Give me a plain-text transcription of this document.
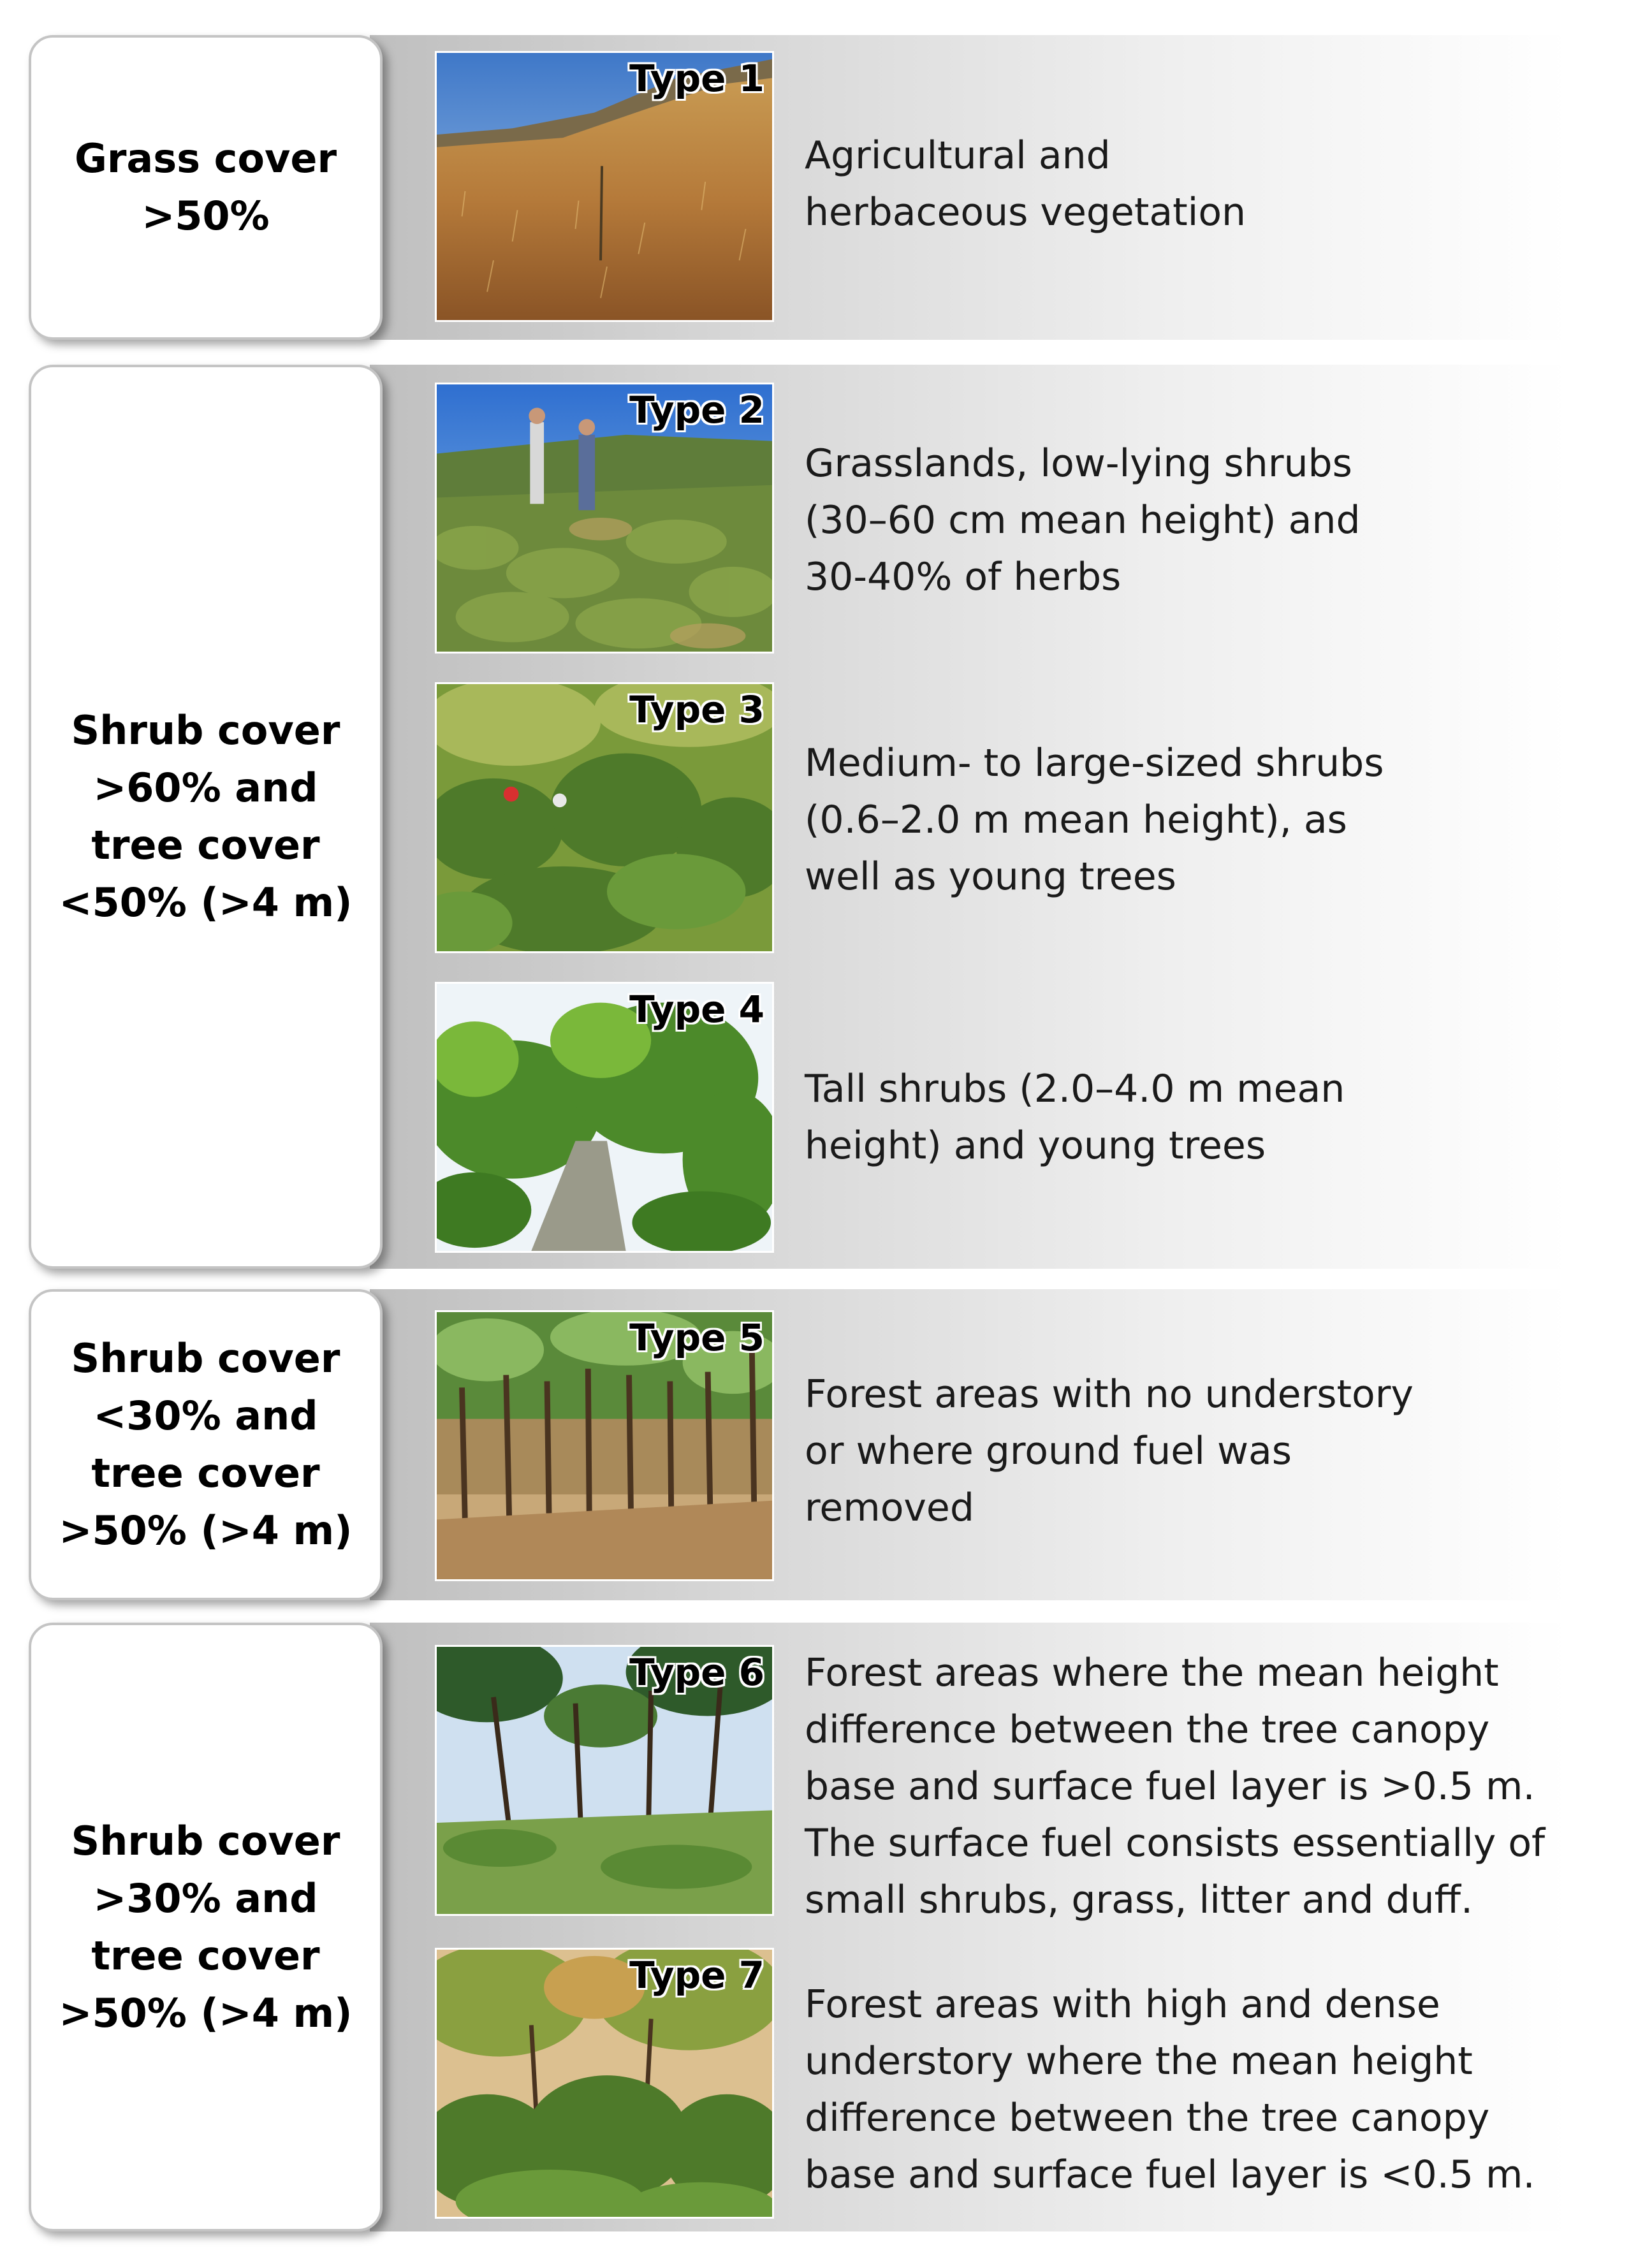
Grass cover
>50%
Shrub cover
>60% and
tree cover
<50% (>4 m)
Shrub cover
<30% and
tree cover
>50% (>4 m)
Shrub cover
>30% and
tree cover
>50% (>4 m)
Type 1
Type 2
Type 3
Type 4
Type 5
Type 6
Type 7
Agricultural and
herbaceous vegetation
Grasslands, low-lying shrubs
(30–60 cm mean height) and
30-40% of herbs
Medium- to large-sized shrubs
(0.6–2.0 m mean height), as
well as young trees
Tall shrubs (2.0–4.0 m mean
height) and young trees
Forest areas with no understory
or where ground fuel was
removed
Forest areas where the mean height
difference between the tree canopy
base and surface fuel layer is >0.5 m.
The surface fuel consists essentially of
small shrubs, grass, litter and duff.
Forest areas with high and dense
understory where the mean height
difference between the tree canopy
base and surface fuel layer is <0.5 m.
